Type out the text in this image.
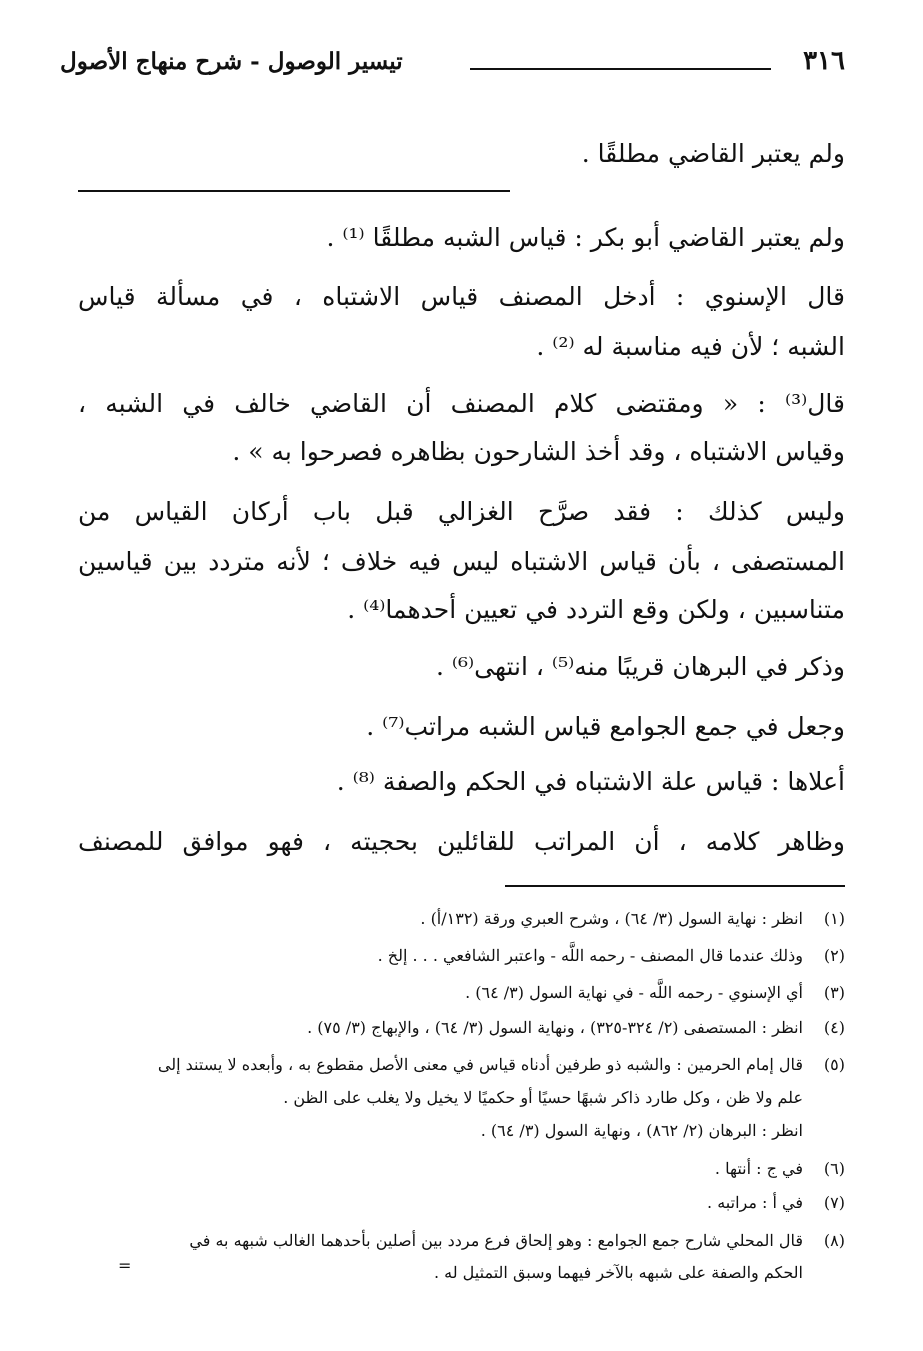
٣١٦
تيسير الوصول - شرح منهاج الأصول
ولم يعتبر القاضي مطلقًا .
ولم يعتبر القاضي أبو بكر : قياس الشبه مطلقًا ⁽¹⁾ .
قال الإسنوي : أدخل المصنف قياس الاشتباه ، في مسألة قياس
الشبه ؛ لأن فيه مناسبة له ⁽²⁾ .
قال⁽³⁾ : « ومقتضى كلام المصنف أن القاضي خالف في الشبه ،
وقياس الاشتباه ، وقد أخذ الشارحون بظاهره فصرحوا به » .
وليس كذلك : فقد صرَّح الغزالي قبل باب أركان القياس من
المستصفى ، بأن قياس الاشتباه ليس فيه خلاف ؛ لأنه متردد بين قياسين
متناسبين ، ولكن وقع التردد في تعيين أحدهما⁽⁴⁾ .
وذكر في البرهان قريبًا منه⁽⁵⁾ ، انتهى⁽⁶⁾ .
وجعل في جمع الجوامع قياس الشبه مراتب⁽⁷⁾ .
أعلاها : قياس علة الاشتباه في الحكم والصفة ⁽⁸⁾ .
وظاهر كلامه ، أن المراتب للقائلين بحجيته ، فهو موافق للمصنف
(١)انظر : نهاية السول (٣/ ٦٤) ، وشرح العبري ورقة (١٣٢/أ) .
(٢)وذلك عندما قال المصنف - رحمه اللَّه - واعتبر الشافعي . . . إلخ .
(٣)أي الإسنوي - رحمه اللَّه - في نهاية السول (٣/ ٦٤) .
(٤)انظر : المستصفى (٢/ ٣٢٤-٣٢٥) ، ونهاية السول (٣/ ٦٤) ، والإبهاج (٣/ ٧٥) .
(٥)قال إمام الحرمين : والشبه ذو طرفين أدناه قياس في معنى الأصل مقطوع به ، وأبعده لا يستند إلى
علم ولا ظن ، وكل طارد ذاكر شبهًا حسيًا أو حكميًا لا يخيل ولا يغلب على الظن .
انظر : البرهان (٢/ ٨٦٢) ، ونهاية السول (٣/ ٦٤) .
(٦)في ج : أنتها .
(٧)في أ : مراتبه .
(٨)قال المحلي شارح جمع الجوامع : وهو إلحاق فرع مردد بين أصلين بأحدهما الغالب شبهه به في
الحكم والصفة على شبهه بالآخر فيهما وسبق التمثيل له .
=
